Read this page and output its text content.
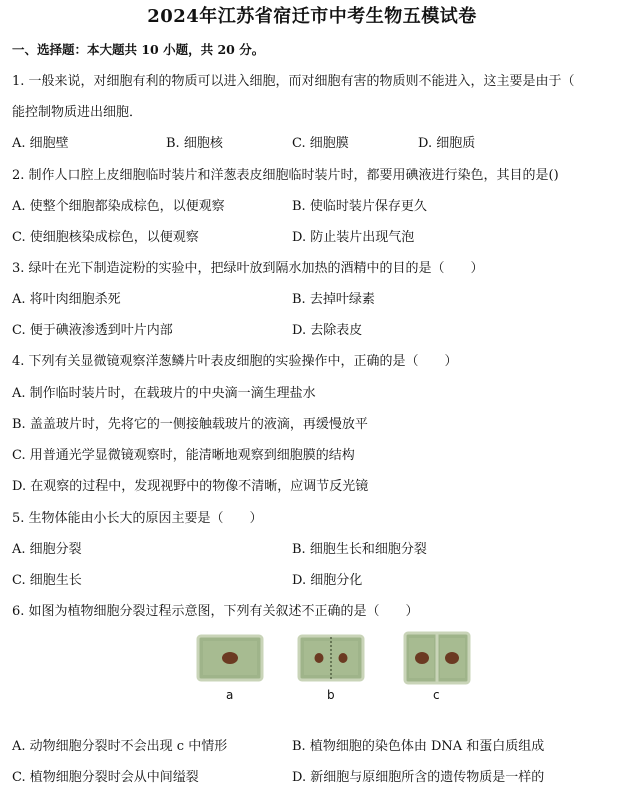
2024年江苏省宿迁市中考生物五模试卷
一、选择题：本大题共 10 小题，共 20 分。
1. 一般来说，对细胞有利的物质可以进入细胞，而对细胞有害的物质则不能进入，这主要是由于（
能控制物质进出细胞．
A. 细胞壁	B. 细胞核	C. 细胞膜	D. 细胞质
2. 制作人口腔上皮细胞临时装片和洋葱表皮细胞临时装片时，都要用碘液进行染色，其目的是()
A. 使整个细胞都染成棕色，以便观察	B. 使临时装片保存更久
C. 使细胞核染成棕色，以便观察	D. 防止装片出现气泡
3. 绿叶在光下制造淀粉的实验中，把绿叶放到隔水加热的酒精中的目的是（　　）
A. 将叶肉细胞杀死	B. 去掉叶绿素
C. 便于碘液渗透到叶片内部	D. 去除表皮
4. 下列有关显微镜观察洋葱鳞片叶表皮细胞的实验操作中，正确的是（　　）
A. 制作临时装片时，在载玻片的中央滴一滴生理盐水
B. 盖盖玻片时，先将它的一侧接触载玻片的液滴，再缓慢放平
C. 用普通光学显微镜观察时，能清晰地观察到细胞膜的结构
D. 在观察的过程中，发现视野中的物像不清晰，应调节反光镜
5. 生物体能由小长大的原因主要是（　　）
A. 细胞分裂	B. 细胞生长和细胞分裂
C. 细胞生长	D. 细胞分化
6. 如图为植物细胞分裂过程示意图，下列有关叙述不正确的是（　　）
a	b	c
A. 动物细胞分裂时不会出现 c 中情形	B. 植物细胞的染色体由 DNA 和蛋白质组成
C. 植物细胞分裂时会从中间缢裂	D. 新细胞与原细胞所含的遗传物质是一样的
